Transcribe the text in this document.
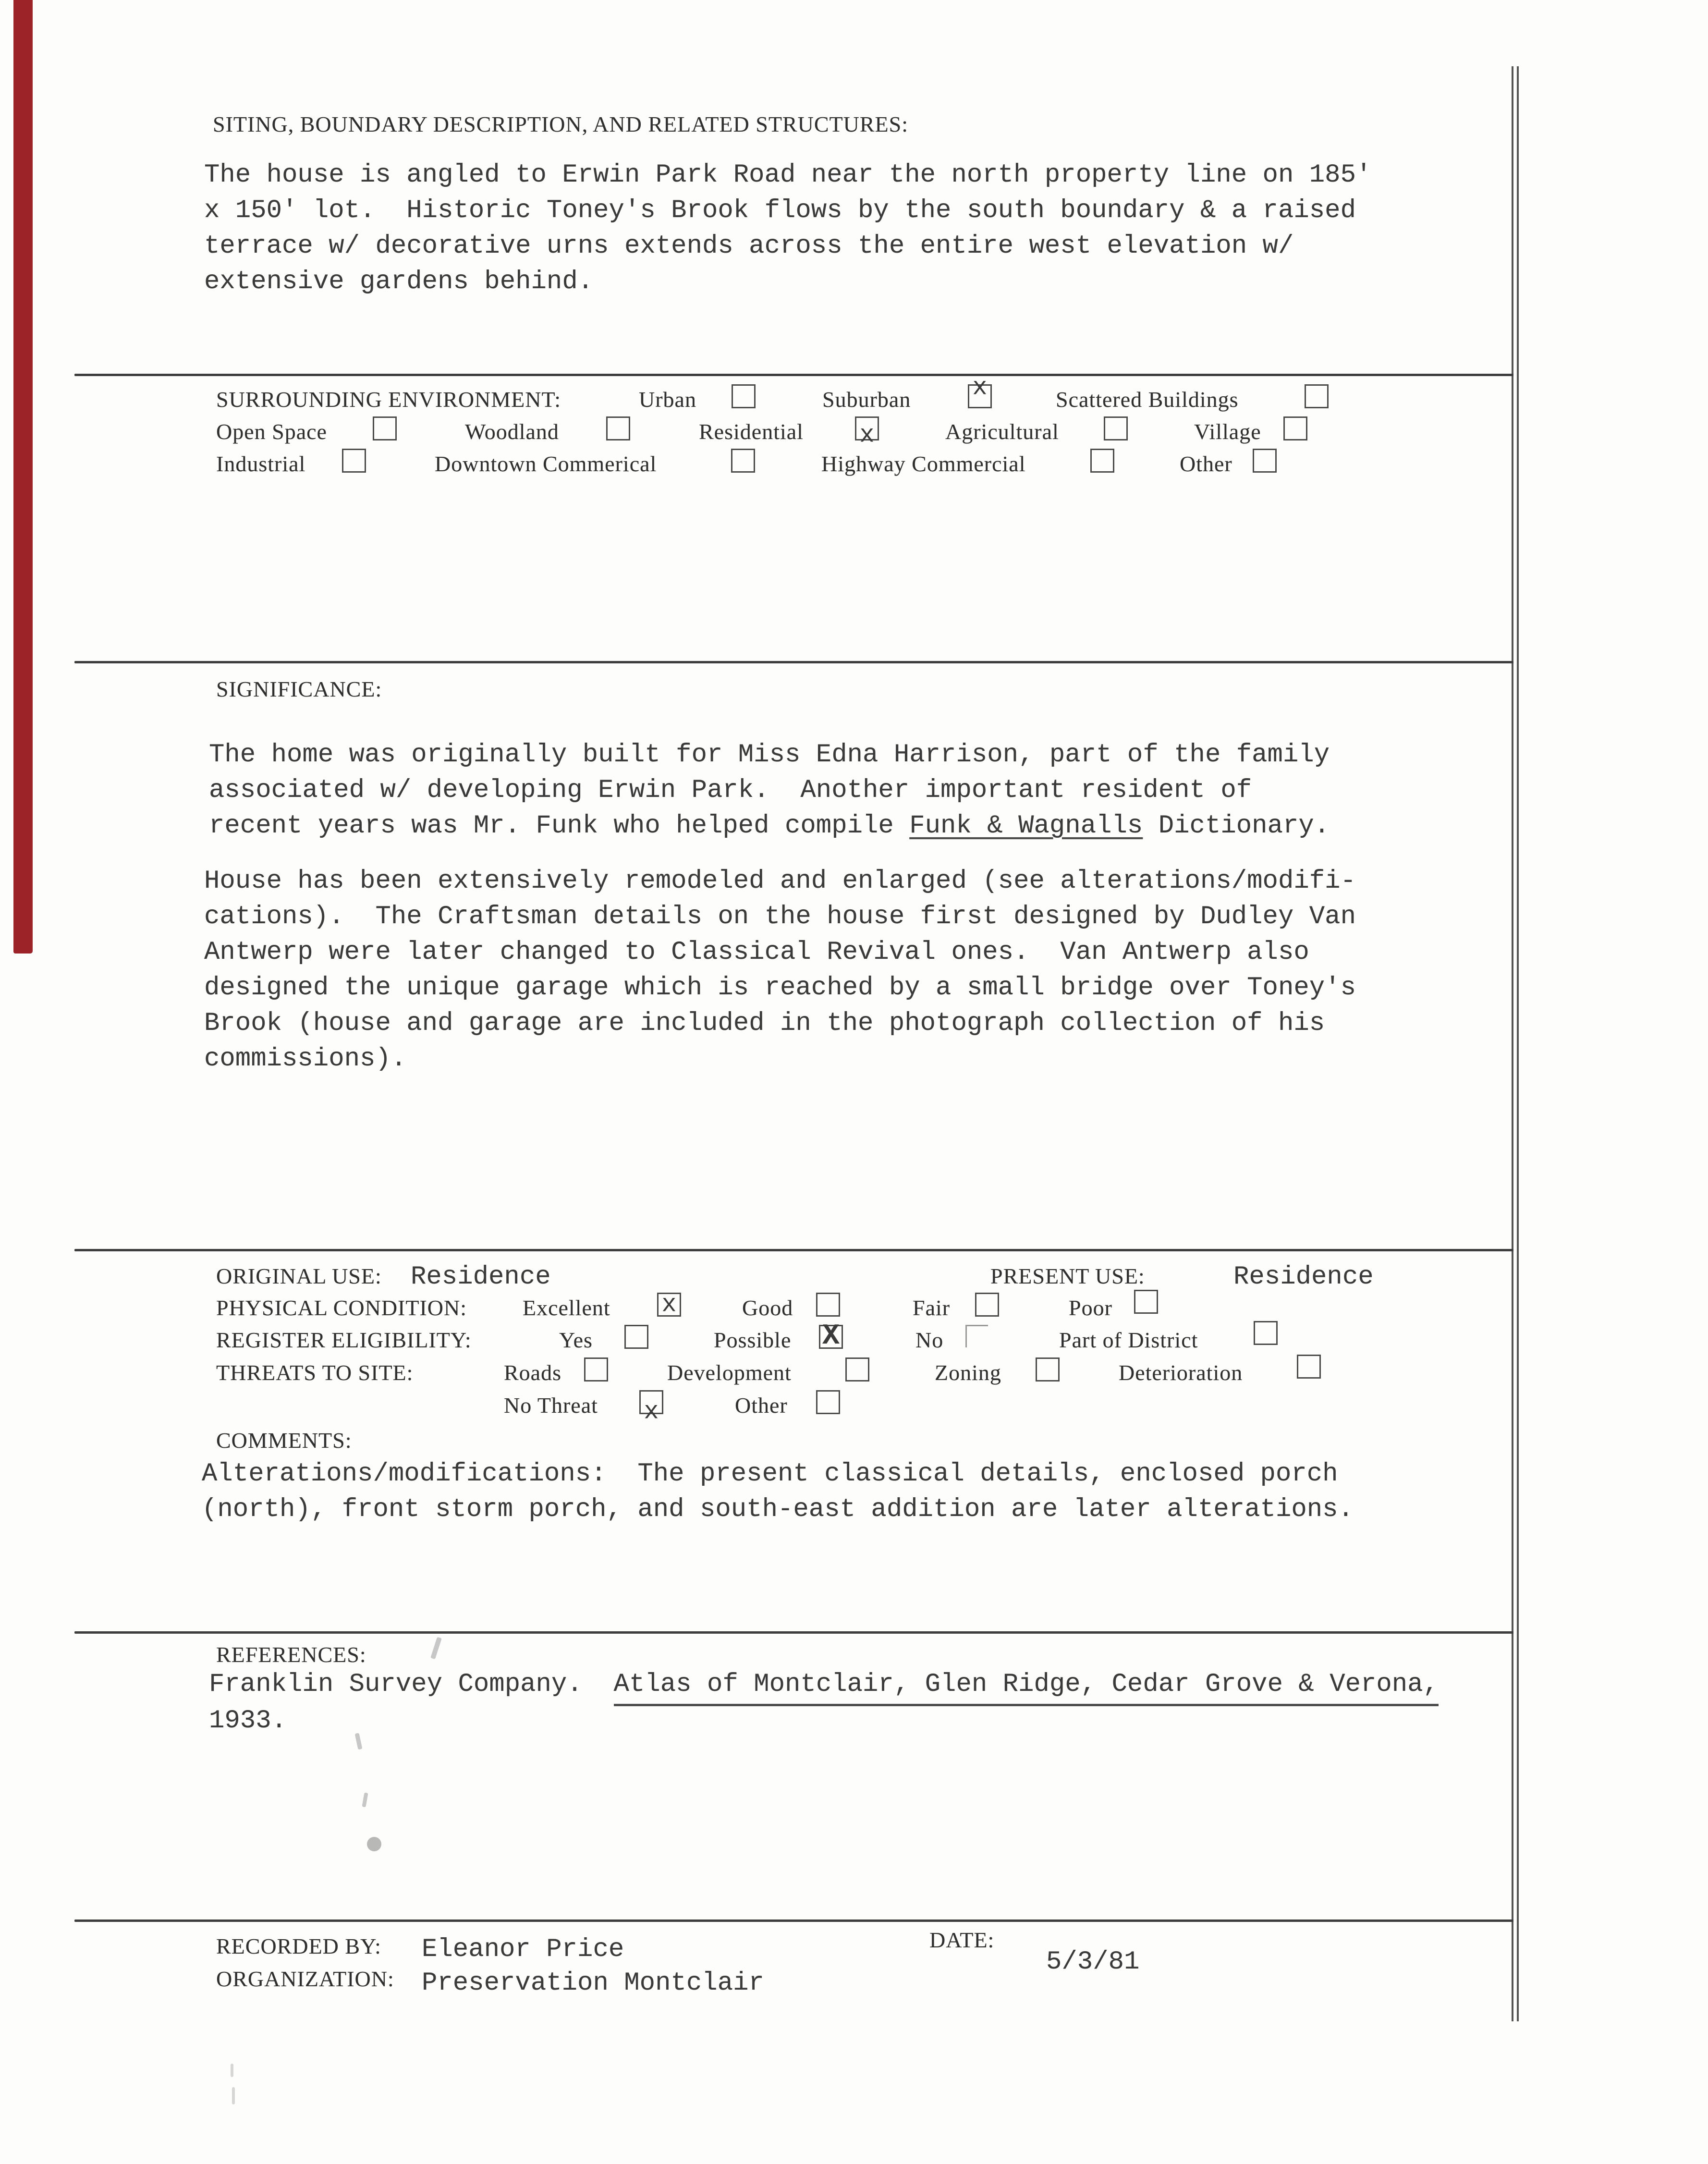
SITING, BOUNDARY DESCRIPTION, AND RELATED STRUCTURES:
The house is angled to Erwin Park Road near the north property line on 185'
x 150' lot.  Historic Toney's Brook flows by the south boundary & a raised
terrace w/ decorative urns extends across the entire west elevation w/
extensive gardens behind.
SURROUNDING ENVIRONMENT:	Urban	Suburban x	Scattered Buildings
Open Space	Woodland	Residential x	Agricultural	Village
Industrial	Downtown Commerical	Highway Commercial	Other
SIGNIFICANCE:
The home was originally built for Miss Edna Harrison, part of the family
associated w/ developing Erwin Park.  Another important resident of
recent years was Mr. Funk who helped compile Funk & Wagnalls Dictionary.
House has been extensively remodeled and enlarged (see alterations/modifi-
cations).  The Craftsman details on the house first designed by Dudley Van
Antwerp were later changed to Classical Revival ones.  Van Antwerp also
designed the unique garage which is reached by a small bridge over Toney's
Brook (house and garage are included in the photograph collection of his
commissions).
ORIGINAL USE: Residence	PRESENT USE:	Residence
PHYSICAL CONDITION:	Excellent x	Good	Fair	Poor
REGISTER ELIGIBILITY:	Yes	Possible X	No	Part of District
THREATS TO SITE:	Roads	Development	Zoning	Deterioration
No Threat x	Other
COMMENTS:
Alterations/modifications:  The present classical details, enclosed porch
(north), front storm porch, and south-east addition are later alterations.
REFERENCES:
Franklin Survey Company.  Atlas of Montclair, Glen Ridge, Cedar Grove & Verona,
1933.
RECORDED BY: Eleanor Price
ORGANIZATION: Preservation Montclair
DATE:
5/3/81
